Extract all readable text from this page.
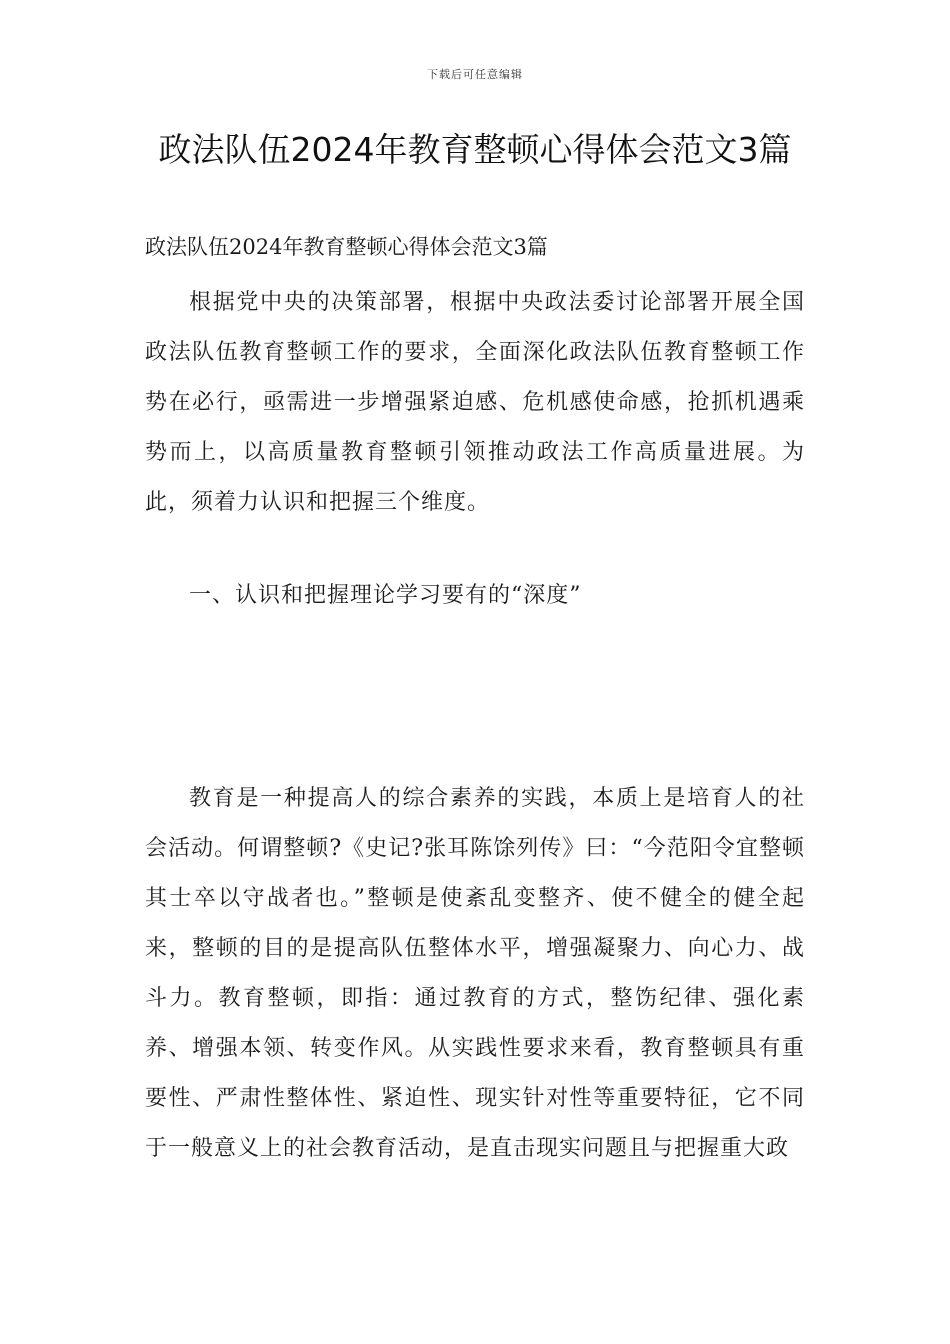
下载后可任意编辑
政法队伍2024年教育整顿心得体会范文3篇

政法队伍2024年教育整顿心得体会范文3篇

根据党中央的决策部署，根据中央政法委讨论部署开展全国政法队伍教育整顿工作的要求，全面深化政法队伍教育整顿工作势在必行，亟需进一步增强紧迫感、危机感使命感，抢抓机遇乘势而上，以高质量教育整顿引领推动政法工作高质量进展。为此，须着力认识和把握三个维度。

一、认识和把握理论学习要有的“深度”

教育是一种提高人的综合素养的实践，本质上是培育人的社会活动。何谓整顿?《史记?张耳陈馀列传》曰：“今范阳令宜整顿其士卒以守战者也。”整顿是使紊乱变整齐、使不健全的健全起来，整顿的目的是提高队伍整体水平，增强凝聚力、向心力、战斗力。教育整顿，即指：通过教育的方式，整饬纪律、强化素养、增强本领、转变作风。从实践性要求来看，教育整顿具有重要性、严肃性整体性、紧迫性、现实针对性等重要特征，它不同于一般意义上的社会教育活动，是直击现实问题且与把握重大政
